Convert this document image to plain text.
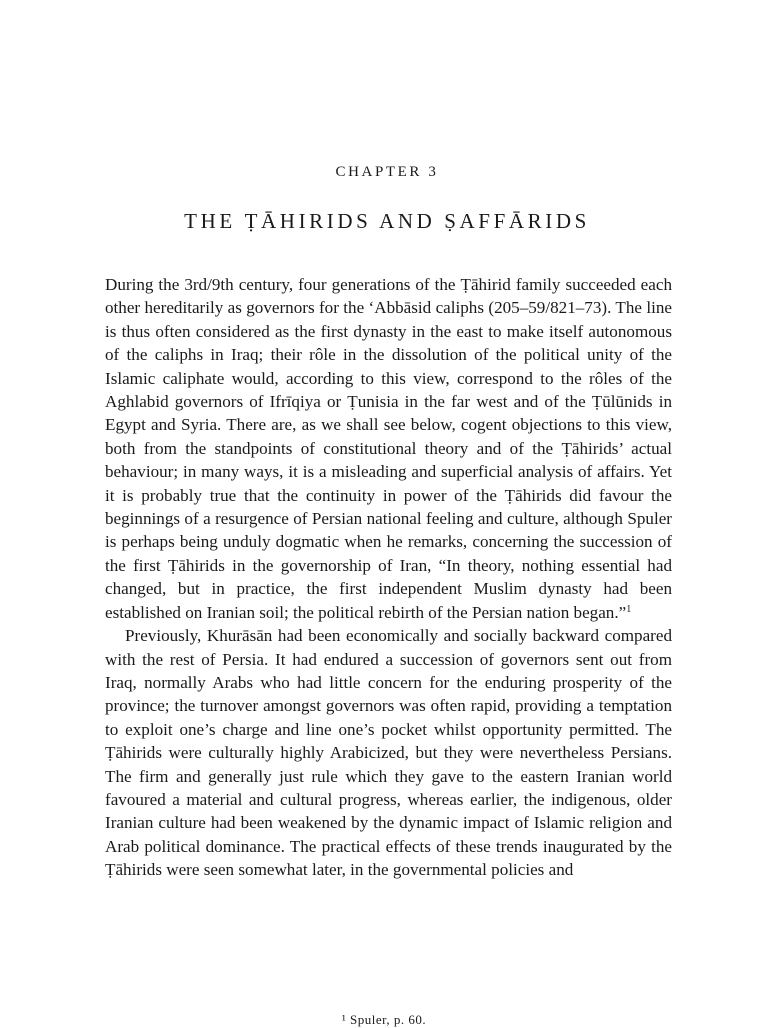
CHAPTER 3
THE ṬĀHIRIDS AND ṢAFFĀRIDS

During the 3rd/9th century, four generations of the Ṭāhirid family succeeded each other hereditarily as governors for the ‘Abbāsid caliphs (205–59/821–73). The line is thus often considered as the first dynasty in the east to make itself autonomous of the caliphs in Iraq; their rôle in the dissolution of the political unity of the Islamic caliphate would, according to this view, correspond to the rôles of the Aghlabid governors of Ifrīqiya or Ṭunisia in the far west and of the Ṭūlūnids in Egypt and Syria. There are, as we shall see below, cogent objections to this view, both from the standpoints of constitutional theory and of the Ṭāhirids’ actual behaviour; in many ways, it is a misleading and superficial analysis of affairs. Yet it is probably true that the continuity in power of the Ṭāhirids did favour the beginnings of a resurgence of Persian national feeling and culture, although Spuler is perhaps being unduly dogmatic when he remarks, concerning the succession of the first Ṭāhirids in the governorship of Iran, “In theory, nothing essential had changed, but in practice, the first independent Muslim dynasty had been established on Iranian soil; the political rebirth of the Persian nation began.”$^1$

Previously, Khurāsān had been economically and socially backward compared with the rest of Persia. It had endured a succession of governors sent out from Iraq, normally Arabs who had little concern for the enduring prosperity of the province; the turnover amongst governors was often rapid, providing a temptation to exploit one’s charge and line one’s pocket whilst opportunity permitted. The Ṭāhirids were culturally highly Arabicized, but they were nevertheless Persians. The firm and generally just rule which they gave to the eastern Iranian world favoured a material and cultural progress, whereas earlier, the indigenous, older Iranian culture had been weakened by the dynamic impact of Islamic religion and Arab political dominance. The practical effects of these trends inaugurated by the Ṭāhirids were seen somewhat later, in the governmental policies and

¹ Spuler, p. 60.
